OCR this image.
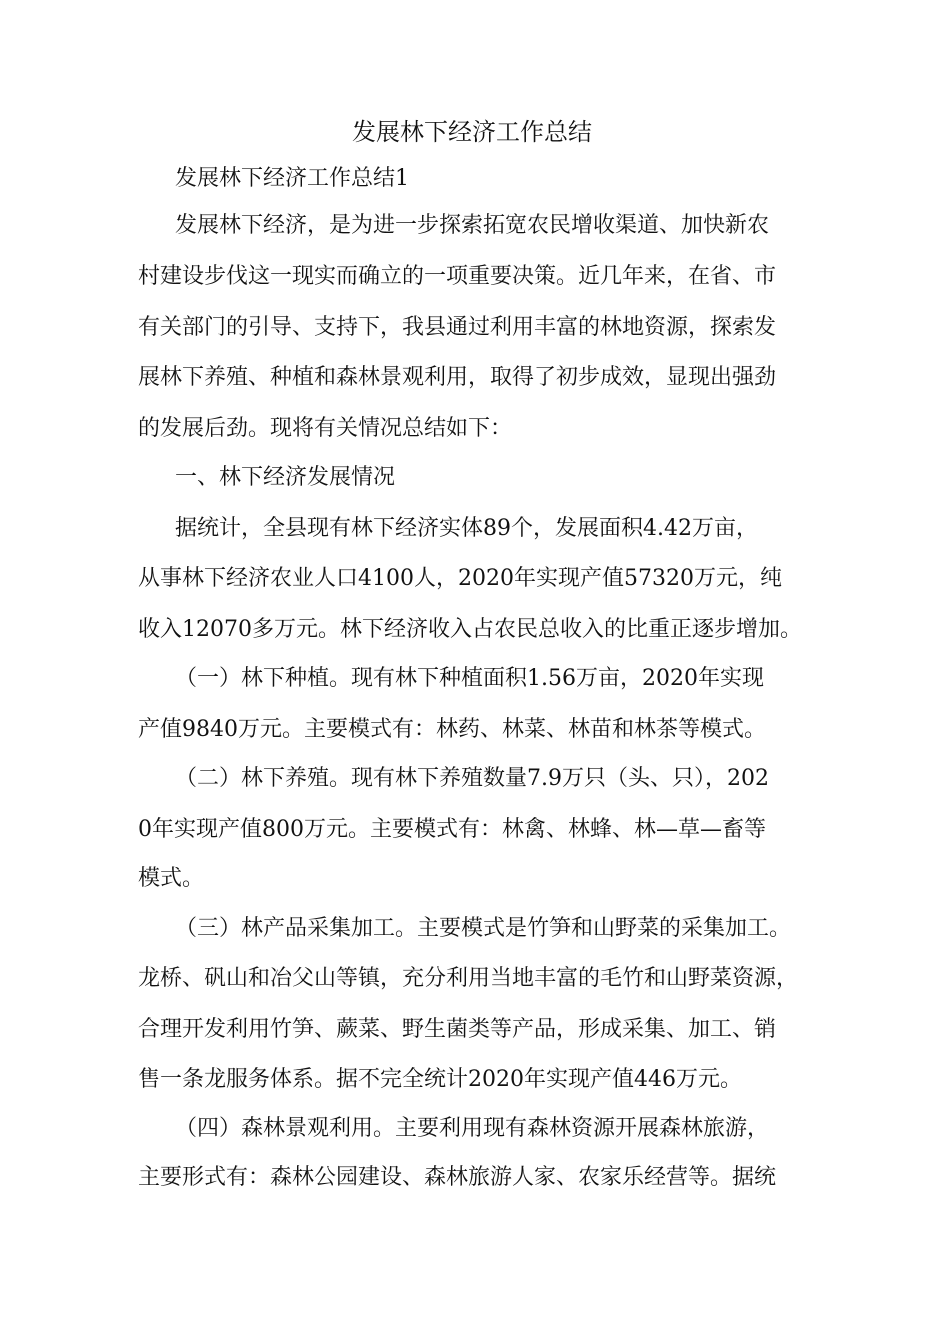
发展林下经济工作总结
发展林下经济工作总结1
发展林下经济，是为进一步探索拓宽农民增收渠道、加快新农
村建设步伐这一现实而确立的一项重要决策。近几年来，在省、市
有关部门的引导、支持下，我县通过利用丰富的林地资源，探索发
展林下养殖、种植和森林景观利用，取得了初步成效，显现出强劲
的发展后劲。现将有关情况总结如下：
一、林下经济发展情况
据统计，全县现有林下经济实体89个，发展面积4.42万亩，
从事林下经济农业人口4100人，2020年实现产值57320万元，纯
收入12070多万元。林下经济收入占农民总收入的比重正逐步增加。
（一）林下种植。现有林下种植面积1.56万亩，2020年实现
产值9840万元。主要模式有：林药、林菜、林苗和林茶等模式。
（二）林下养殖。现有林下养殖数量7.9万只（头、只），202
0年实现产值800万元。主要模式有：林禽、林蜂、林—草—畜等
模式。
（三）林产品采集加工。主要模式是竹笋和山野菜的采集加工。
龙桥、矾山和冶父山等镇，充分利用当地丰富的毛竹和山野菜资源，
合理开发利用竹笋、蕨菜、野生菌类等产品，形成采集、加工、销
售一条龙服务体系。据不完全统计2020年实现产值446万元。
（四）森林景观利用。主要利用现有森林资源开展森林旅游，
主要形式有：森林公园建设、森林旅游人家、农家乐经营等。据统
